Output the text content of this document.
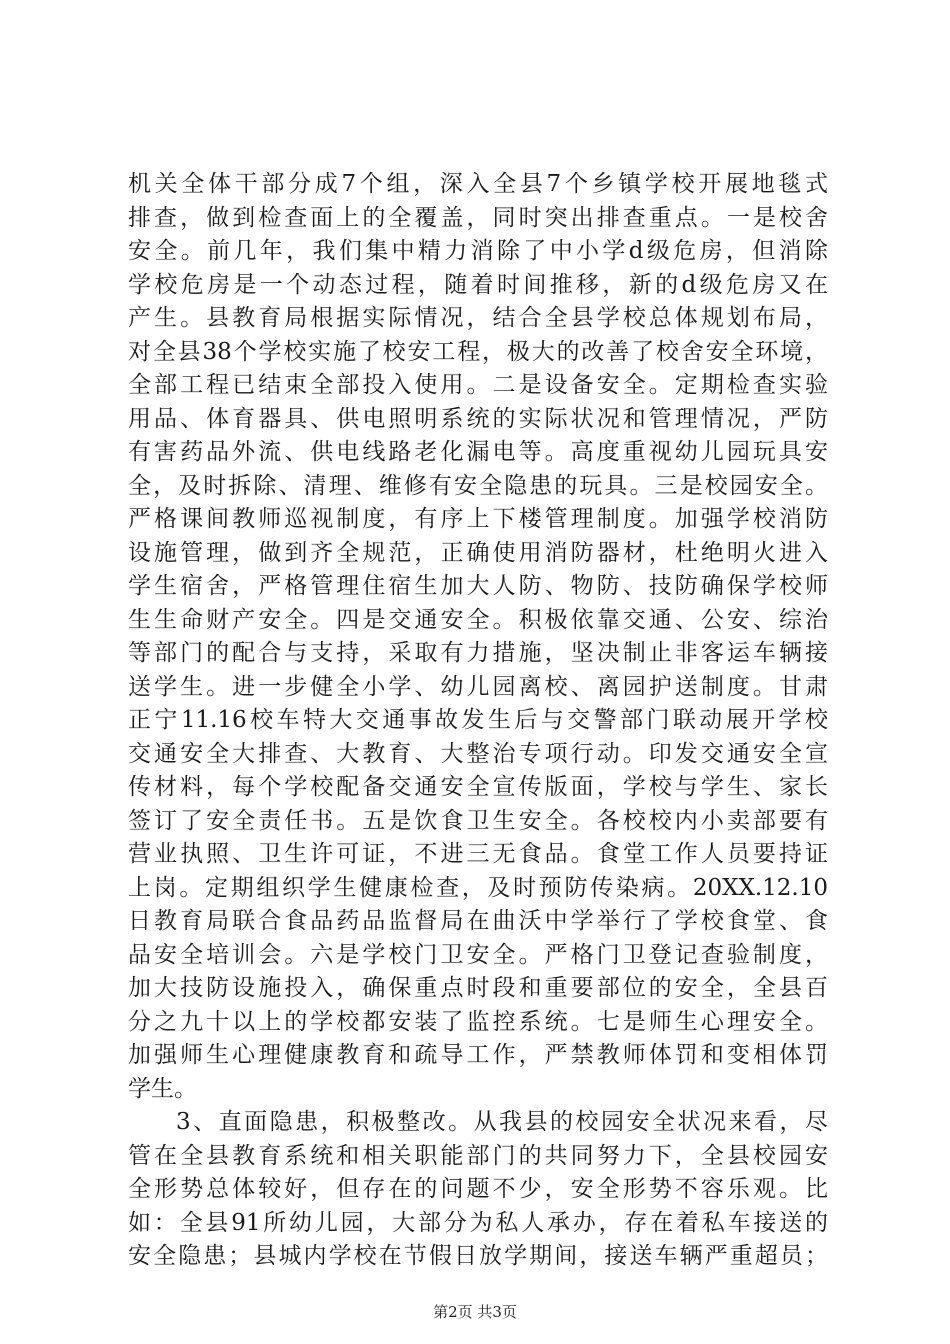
机关全体干部分成7个组，深入全县7个乡镇学校开展地毯式
排查，做到检查面上的全覆盖，同时突出排查重点。一是校舍
安全。前几年，我们集中精力消除了中小学d级危房，但消除
学校危房是一个动态过程，随着时间推移，新的d级危房又在
产生。县教育局根据实际情况，结合全县学校总体规划布局，
对全县38个学校实施了校安工程，极大的改善了校舍安全环境，
全部工程已结束全部投入使用。二是设备安全。定期检查实验
用品、体育器具、供电照明系统的实际状况和管理情况，严防
有害药品外流、供电线路老化漏电等。高度重视幼儿园玩具安
全，及时拆除、清理、维修有安全隐患的玩具。三是校园安全。
严格课间教师巡视制度，有序上下楼管理制度。加强学校消防
设施管理，做到齐全规范，正确使用消防器材，杜绝明火进入
学生宿舍，严格管理住宿生加大人防、物防、技防确保学校师
生生命财产安全。四是交通安全。积极依靠交通、公安、综治
等部门的配合与支持，采取有力措施，坚决制止非客运车辆接
送学生。进一步健全小学、幼儿园离校、离园护送制度。甘肃
正宁11.16校车特大交通事故发生后与交警部门联动展开学校
交通安全大排查、大教育、大整治专项行动。印发交通安全宣
传材料，每个学校配备交通安全宣传版面，学校与学生、家长
签订了安全责任书。五是饮食卫生安全。各校校内小卖部要有
营业执照、卫生许可证，不进三无食品。食堂工作人员要持证
上岗。定期组织学生健康检查，及时预防传染病。20XX.12.10
日教育局联合食品药品监督局在曲沃中学举行了学校食堂、食
品安全培训会。六是学校门卫安全。严格门卫登记查验制度，
加大技防设施投入，确保重点时段和重要部位的安全，全县百
分之九十以上的学校都安装了监控系统。七是师生心理安全。
加强师生心理健康教育和疏导工作，严禁教师体罚和变相体罚
学生。
3、直面隐患，积极整改。从我县的校园安全状况来看，尽
管在全县教育系统和相关职能部门的共同努力下，全县校园安
全形势总体较好，但存在的问题不少，安全形势不容乐观。比
如：全县91所幼儿园，大部分为私人承办，存在着私车接送的
安全隐患；县城内学校在节假日放学期间，接送车辆严重超员；
第2页 共3页
